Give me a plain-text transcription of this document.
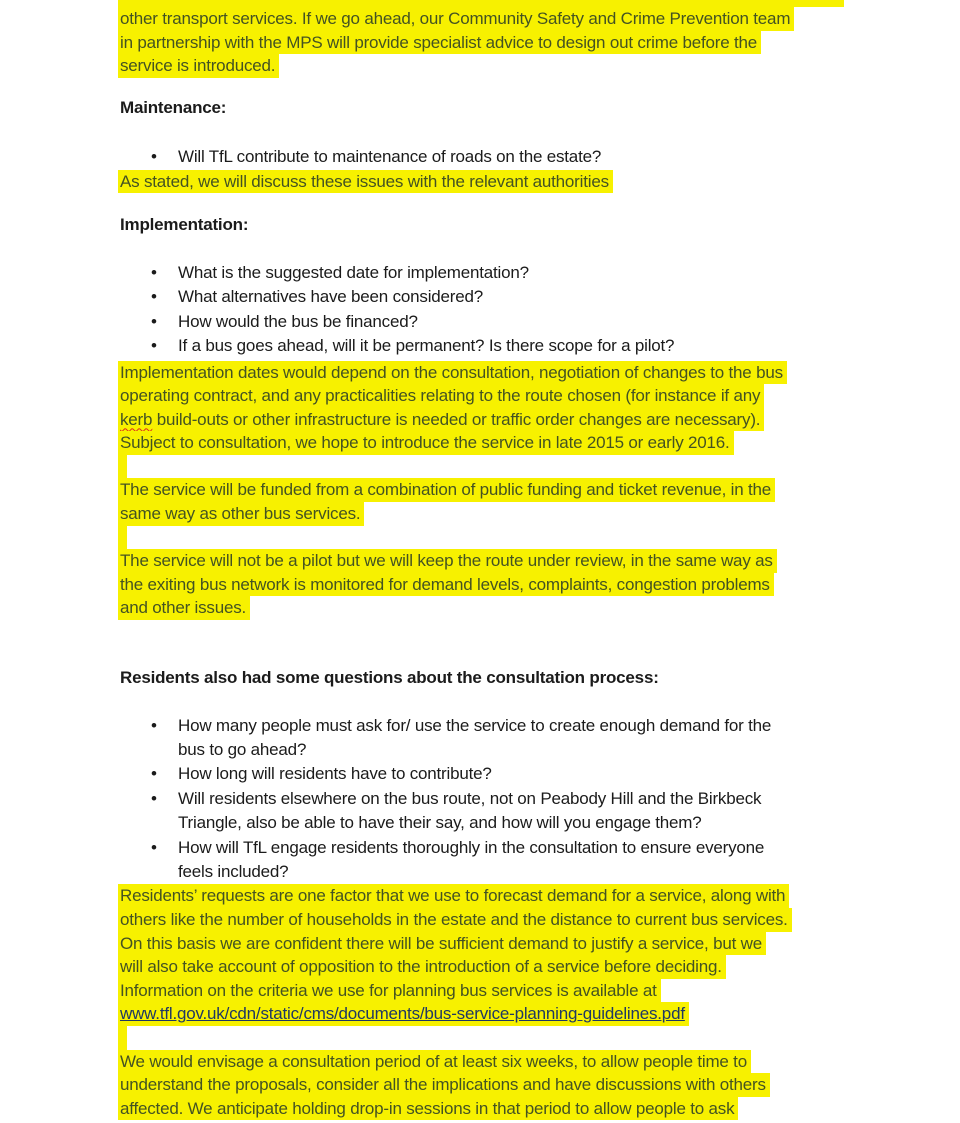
other transport services. If we go ahead, our Community Safety and Crime Prevention team
in partnership with the MPS will provide specialist advice to design out crime before the
service is introduced.
Maintenance:
• Will TfL contribute to maintenance of roads on the estate?
As stated, we will discuss these issues with the relevant authorities
Implementation:
• What is the suggested date for implementation?
• What alternatives have been considered?
• How would the bus be financed?
• If a bus goes ahead, will it be permanent? Is there scope for a pilot?
Implementation dates would depend on the consultation, negotiation of changes to the bus
operating contract, and any practicalities relating to the route chosen (for instance if any
kerb build-outs or other infrastructure is needed or traffic order changes are necessary).
Subject to consultation, we hope to introduce the service in late 2015 or early 2016.
The service will be funded from a combination of public funding and ticket revenue, in the
same way as other bus services.
The service will not be a pilot but we will keep the route under review, in the same way as
the exiting bus network is monitored for demand levels, complaints, congestion problems
and other issues.
Residents also had some questions about the consultation process:
• How many people must ask for/ use the service to create enough demand for the
bus to go ahead?
• How long will residents have to contribute?
• Will residents elsewhere on the bus route, not on Peabody Hill and the Birkbeck
Triangle, also be able to have their say, and how will you engage them?
• How will TfL engage residents thoroughly in the consultation to ensure everyone
feels included?
Residents’ requests are one factor that we use to forecast demand for a service, along with
others like the number of households in the estate and the distance to current bus services.
On this basis we are confident there will be sufficient demand to justify a service, but we
will also take account of opposition to the introduction of a service before deciding.
Information on the criteria we use for planning bus services is available at
www.tfl.gov.uk/cdn/static/cms/documents/bus-service-planning-guidelines.pdf
We would envisage a consultation period of at least six weeks, to allow people time to
understand the proposals, consider all the implications and have discussions with others
affected. We anticipate holding drop-in sessions in that period to allow people to ask
